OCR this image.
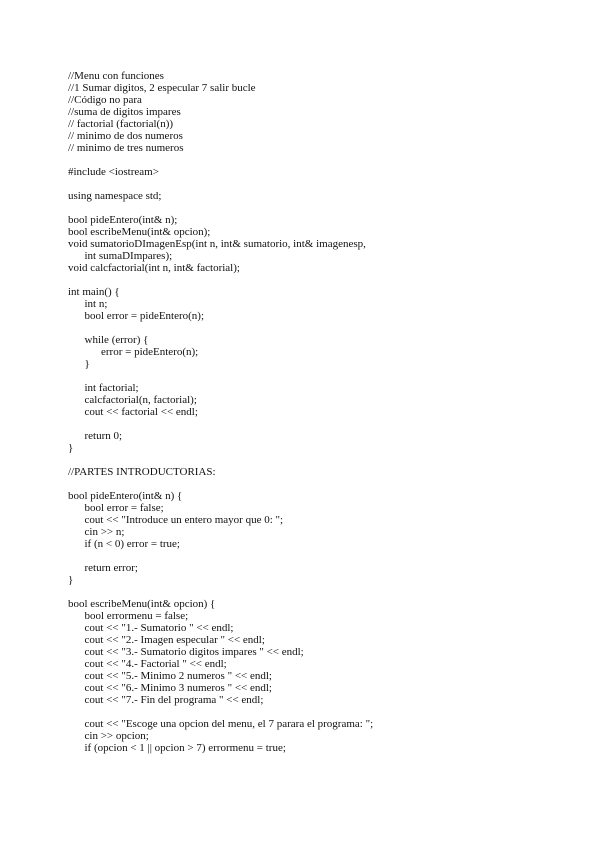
//Menu con funciones
//1 Sumar digitos, 2 especular 7 salir bucle
//Código no para
//suma de digitos impares
// factorial (factorial(n))
// minimo de dos numeros
// minimo de tres numeros
#include <iostream>
using namespace std;
bool pideEntero(int& n);
bool escribeMenu(int& opcion);
void sumatorioDImagenEsp(int n, int& sumatorio, int& imagenesp,
int sumaDImpares);
void calcfactorial(int n, int& factorial);
int main() {
int n;
bool error = pideEntero(n);
while (error) {
error = pideEntero(n);
}
int factorial;
calcfactorial(n, factorial);
cout << factorial << endl;
return 0;
}
//PARTES INTRODUCTORIAS:
bool pideEntero(int& n) {
bool error = false;
cout << "Introduce un entero mayor que 0: ";
cin >> n;
if (n < 0) error = true;
return error;
}
bool escribeMenu(int& opcion) {
bool errormenu = false;
cout << "1.- Sumatorio " << endl;
cout << "2.- Imagen especular " << endl;
cout << "3.- Sumatorio digitos impares " << endl;
cout << "4.- Factorial " << endl;
cout << "5.- Minimo 2 numeros " << endl;
cout << "6.- Minimo 3 numeros " << endl;
cout << "7.- Fin del programa " << endl;
cout << "Escoge una opcion del menu, el 7 parara el programa: ";
cin >> opcion;
if (opcion < 1 || opcion > 7) errormenu = true;
